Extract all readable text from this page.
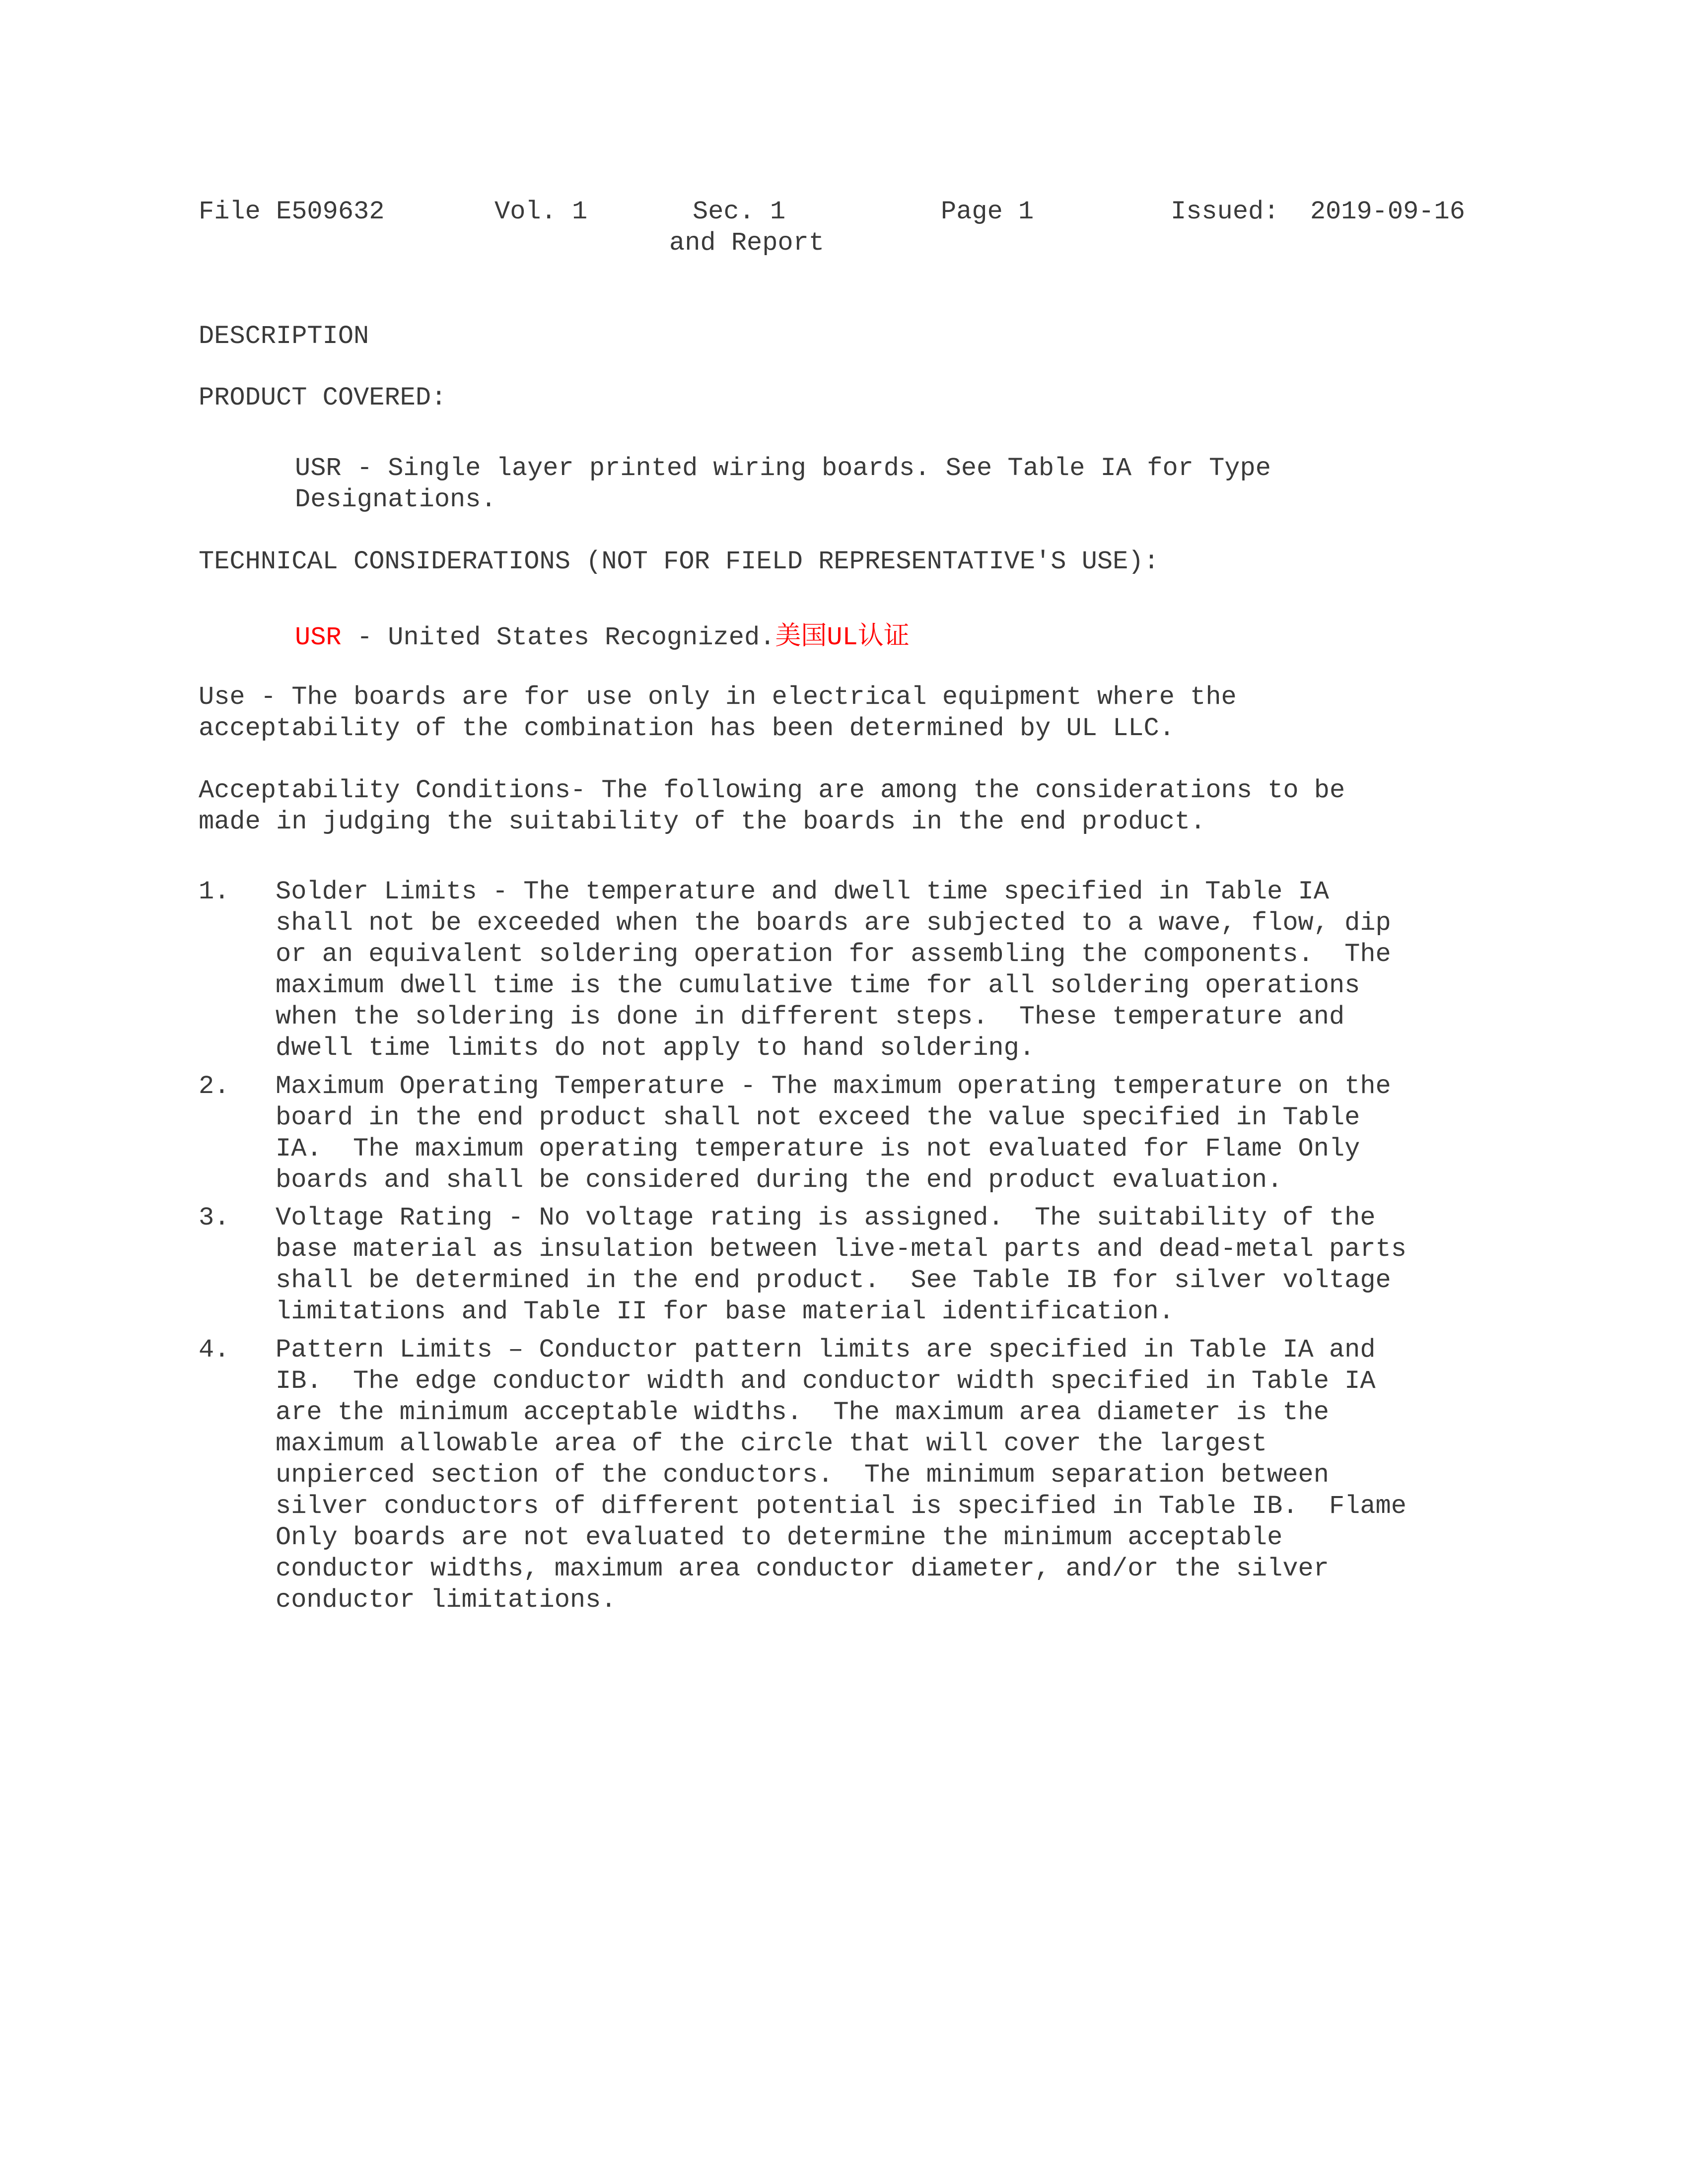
File E509632	Vol. 1	Sec. 1
and Report
Page 1	Issued:  2019-09-16
DESCRIPTION
PRODUCT COVERED:
USR - Single layer printed wiring boards. See Table IA for Type
Designations.
TECHNICAL CONSIDERATIONS (NOT FOR FIELD REPRESENTATIVE'S USE):
USR - United States Recognized.美国UL认证
Use - The boards are for use only in electrical equipment where the
acceptability of the combination has been determined by UL LLC.
Acceptability Conditions- The following are among the considerations to be
made in judging the suitability of the boards in the end product.
1. Solder Limits - The temperature and dwell time specified in Table IA
shall not be exceeded when the boards are subjected to a wave, flow, dip
or an equivalent soldering operation for assembling the components.  The
maximum dwell time is the cumulative time for all soldering operations
when the soldering is done in different steps.  These temperature and
dwell time limits do not apply to hand soldering.
2. Maximum Operating Temperature - The maximum operating temperature on the
board in the end product shall not exceed the value specified in Table
IA.  The maximum operating temperature is not evaluated for Flame Only
boards and shall be considered during the end product evaluation.
3. Voltage Rating - No voltage rating is assigned.  The suitability of the
base material as insulation between live-metal parts and dead-metal parts
shall be determined in the end product.  See Table IB for silver voltage
limitations and Table II for base material identification.
4. Pattern Limits – Conductor pattern limits are specified in Table IA and
IB.  The edge conductor width and conductor width specified in Table IA
are the minimum acceptable widths.  The maximum area diameter is the
maximum allowable area of the circle that will cover the largest
unpierced section of the conductors.  The minimum separation between
silver conductors of different potential is specified in Table IB.  Flame
Only boards are not evaluated to determine the minimum acceptable
conductor widths, maximum area conductor diameter, and/or the silver
conductor limitations.
